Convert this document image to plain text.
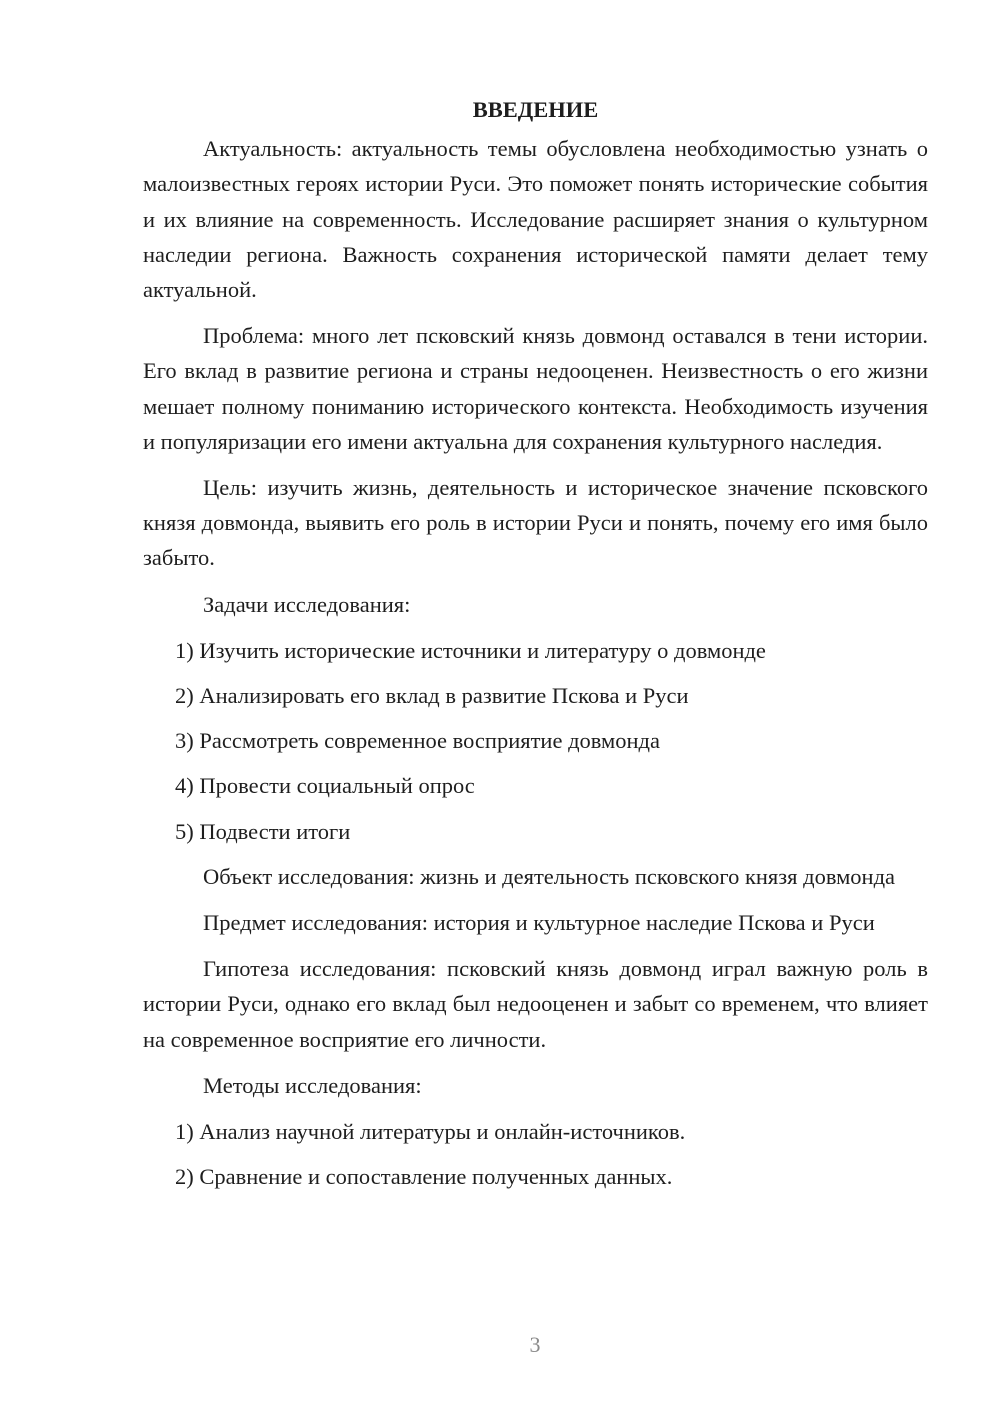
ВВЕДЕНИЕ

Актуальность: актуальность темы обусловлена необходимостью узнать о малоизвестных героях истории Руси. Это поможет понять исторические события и их влияние на современность. Исследование расширяет знания о культурном наследии региона. Важность сохранения исторической памяти делает тему актуальной.

Проблема: много лет псковский князь довмонд оставался в тени истории. Его вклад в развитие региона и страны недооценен. Неизвестность о его жизни мешает полному пониманию исторического контекста. Необходимость изучения и популяризации его имени актуальна для сохранения культурного наследия.

Цель: изучить жизнь, деятельность и историческое значение псковского князя довмонда, выявить его роль в истории Руси и понять, почему его имя было забыто.

Задачи исследования:

1) Изучить исторические источники и литературу о довмонде
2) Анализировать его вклад в развитие Пскова и Руси
3) Рассмотреть современное восприятие довмонда
4) Провести социальный опрос
5) Подвести итоги

Объект исследования: жизнь и деятельность псковского князя довмонда

Предмет исследования: история и культурное наследие Пскова и Руси

Гипотеза исследования: псковский князь довмонд играл важную роль в истории Руси, однако его вклад был недооценен и забыт со временем, что влияет на современное восприятие его личности.

Методы исследования:

1) Анализ научной литературы и онлайн-источников.
2) Сравнение и сопоставление полученных данных.
3
